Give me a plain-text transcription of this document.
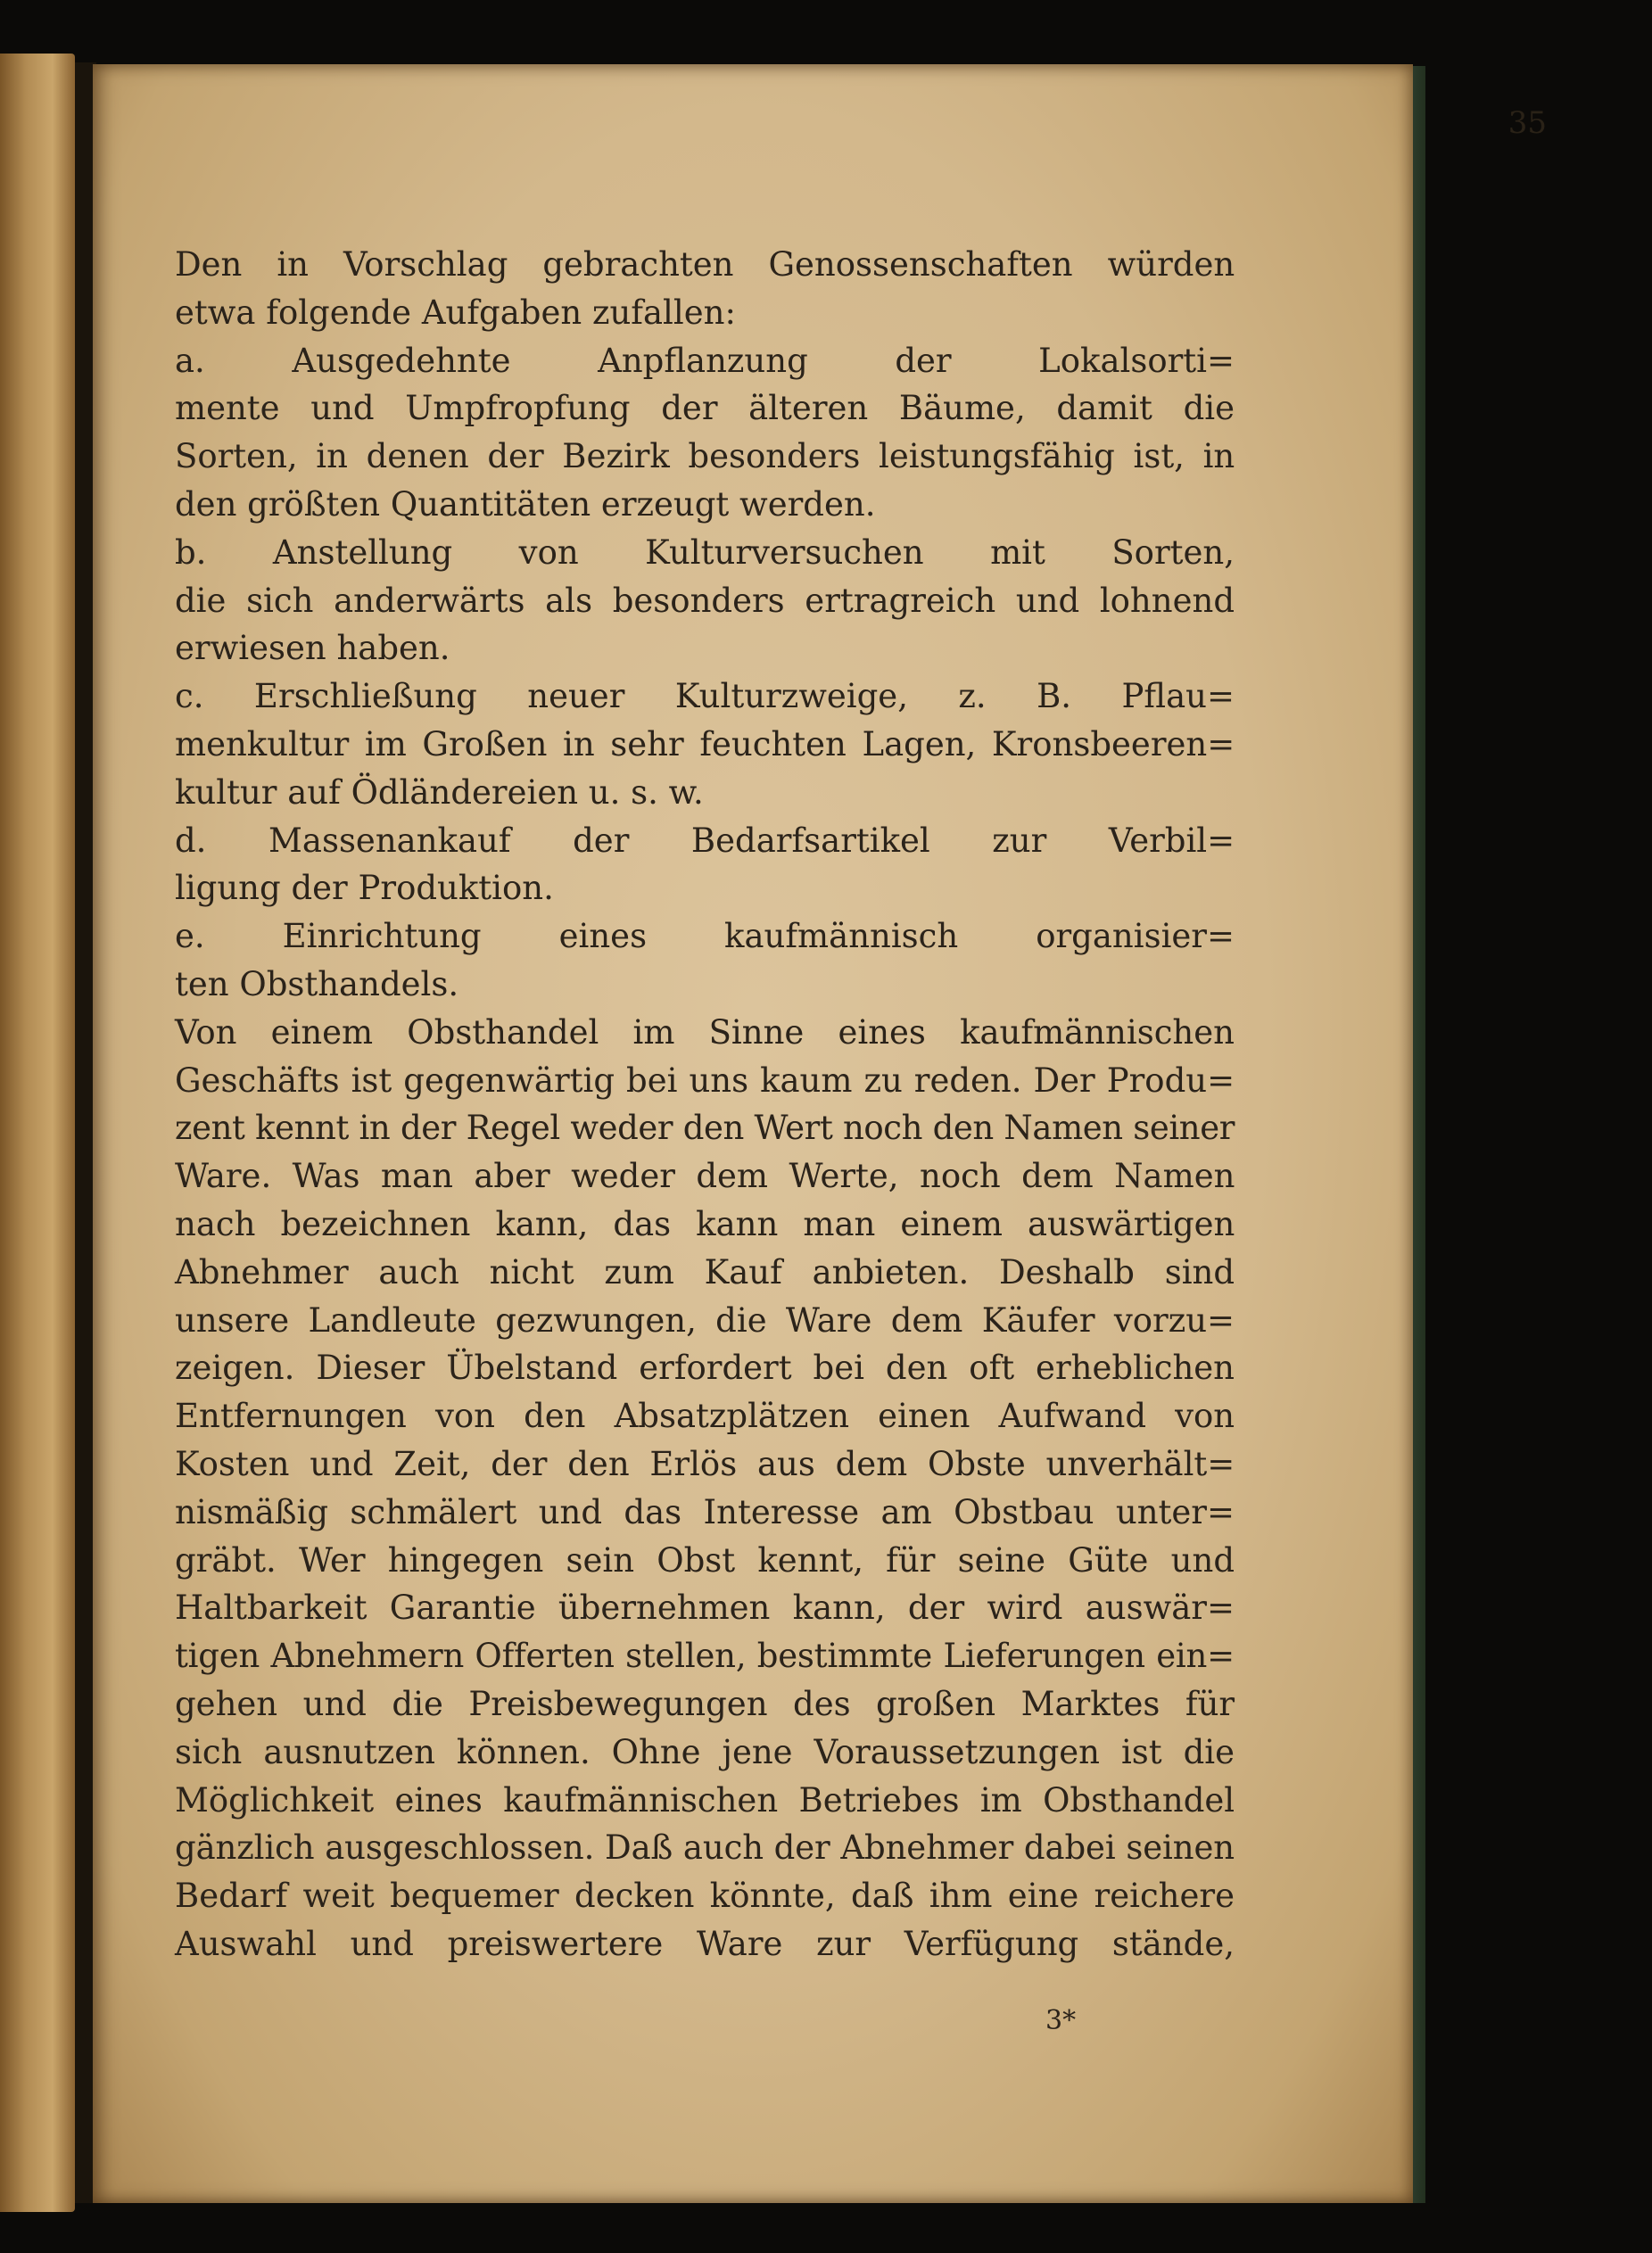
35
Den in Vorschlag gebrachten Genossenschaften würden
etwa folgende Aufgaben zufallen:
a. Ausgedehnte Anpflanzung der Lokalsorti=
mente und Umpfropfung der älteren Bäume, damit die
Sorten, in denen der Bezirk besonders leistungsfähig ist, in
den größten Quantitäten erzeugt werden.
b. Anstellung von Kulturversuchen mit Sorten,
die sich anderwärts als besonders ertragreich und lohnend
erwiesen haben.
c. Erschließung neuer Kulturzweige, z. B. Pflau=
menkultur im Großen in sehr feuchten Lagen, Kronsbeeren=
kultur auf Ödländereien u. s. w.
d. Massenankauf der Bedarfsartikel zur Verbil=
ligung der Produktion.
e. Einrichtung eines kaufmännisch organisier=
ten Obsthandels.
Von einem Obsthandel im Sinne eines kaufmännischen
Geschäfts ist gegenwärtig bei uns kaum zu reden. Der Produ=
zent kennt in der Regel weder den Wert noch den Namen seiner
Ware. Was man aber weder dem Werte, noch dem Namen
nach bezeichnen kann, das kann man einem auswärtigen
Abnehmer auch nicht zum Kauf anbieten. Deshalb sind
unsere Landleute gezwungen, die Ware dem Käufer vorzu=
zeigen. Dieser Übelstand erfordert bei den oft erheblichen
Entfernungen von den Absatzplätzen einen Aufwand von
Kosten und Zeit, der den Erlös aus dem Obste unverhält=
nismäßig schmälert und das Interesse am Obstbau unter=
gräbt. Wer hingegen sein Obst kennt, für seine Güte und
Haltbarkeit Garantie übernehmen kann, der wird auswär=
tigen Abnehmern Offerten stellen, bestimmte Lieferungen ein=
gehen und die Preisbewegungen des großen Marktes für
sich ausnutzen können. Ohne jene Voraussetzungen ist die
Möglichkeit eines kaufmännischen Betriebes im Obsthandel
gänzlich ausgeschlossen. Daß auch der Abnehmer dabei seinen
Bedarf weit bequemer decken könnte, daß ihm eine reichere
Auswahl und preiswertere Ware zur Verfügung stände,
3*
